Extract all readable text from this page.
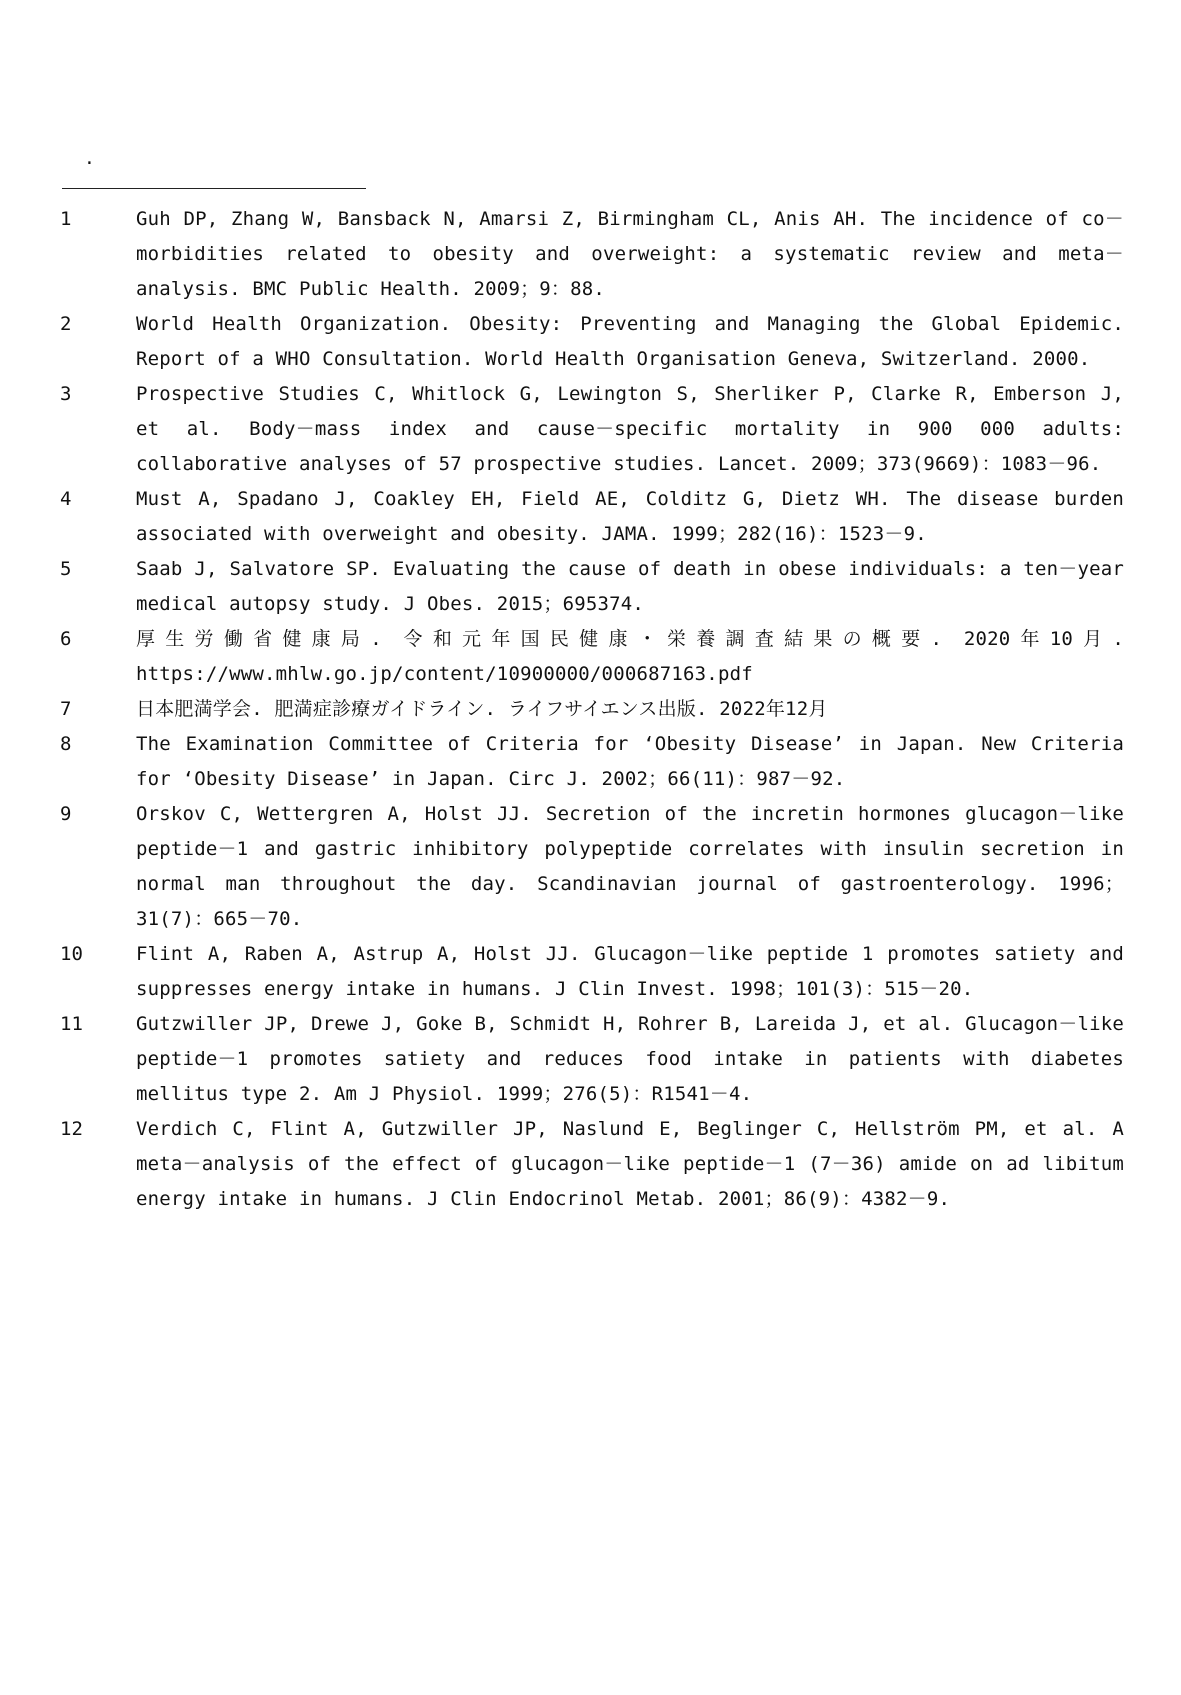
.
1	Guh DP, Zhang W, Bansback N, Amarsi Z, Birmingham CL, Anis AH. The incidence of co－morbidities related to obesity and overweight: a systematic review and meta－analysis. BMC Public Health. 2009；9：88.
2	World Health Organization. Obesity: Preventing and Managing the Global Epidemic. Report of a WHO Consultation. World Health Organisation Geneva, Switzerland. 2000.
3	Prospective Studies C, Whitlock G, Lewington S, Sherliker P, Clarke R, Emberson J, et al. Body－mass index and cause－specific mortality in 900 000 adults: collaborative analyses of 57 prospective studies. Lancet. 2009；373(9669)：1083－96.
4	Must A, Spadano J, Coakley EH, Field AE, Colditz G, Dietz WH. The disease burden associated with overweight and obesity. JAMA. 1999；282(16)：1523－9.
5	Saab J, Salvatore SP. Evaluating the cause of death in obese individuals: a ten－year medical autopsy study. J Obes. 2015；695374.
6	厚生労働省健康局. 令和元年国民健康・栄養調査結果の概要. 2020年10月. https://www.mhlw.go.jp/content/10900000/000687163.pdf
7	日本肥満学会. 肥満症診療ガイドライン. ライフサイエンス出版. 2022年12月
8	The Examination Committee of Criteria for ‘Obesity Disease’ in Japan. New Criteria for ‘Obesity Disease’ in Japan. Circ J. 2002；66(11)：987－92.
9	Orskov C, Wettergren A, Holst JJ. Secretion of the incretin hormones glucagon－like peptide－1 and gastric inhibitory polypeptide correlates with insulin secretion in normal man throughout the day. Scandinavian journal of gastroenterology. 1996；31(7)：665－70.
10	Flint A, Raben A, Astrup A, Holst JJ. Glucagon－like peptide 1 promotes satiety and suppresses energy intake in humans. J Clin Invest. 1998；101(3)：515－20.
11	Gutzwiller JP, Drewe J, Goke B, Schmidt H, Rohrer B, Lareida J, et al. Glucagon－like peptide－1 promotes satiety and reduces food intake in patients with diabetes mellitus type 2. Am J Physiol. 1999；276(5)：R1541－4.
12	Verdich C, Flint A, Gutzwiller JP, Naslund E, Beglinger C, Hellström PM, et al. A meta－analysis of the effect of glucagon－like peptide－1 (7－36) amide on ad libitum energy intake in humans. J Clin Endocrinol Metab. 2001；86(9)：4382－9.
